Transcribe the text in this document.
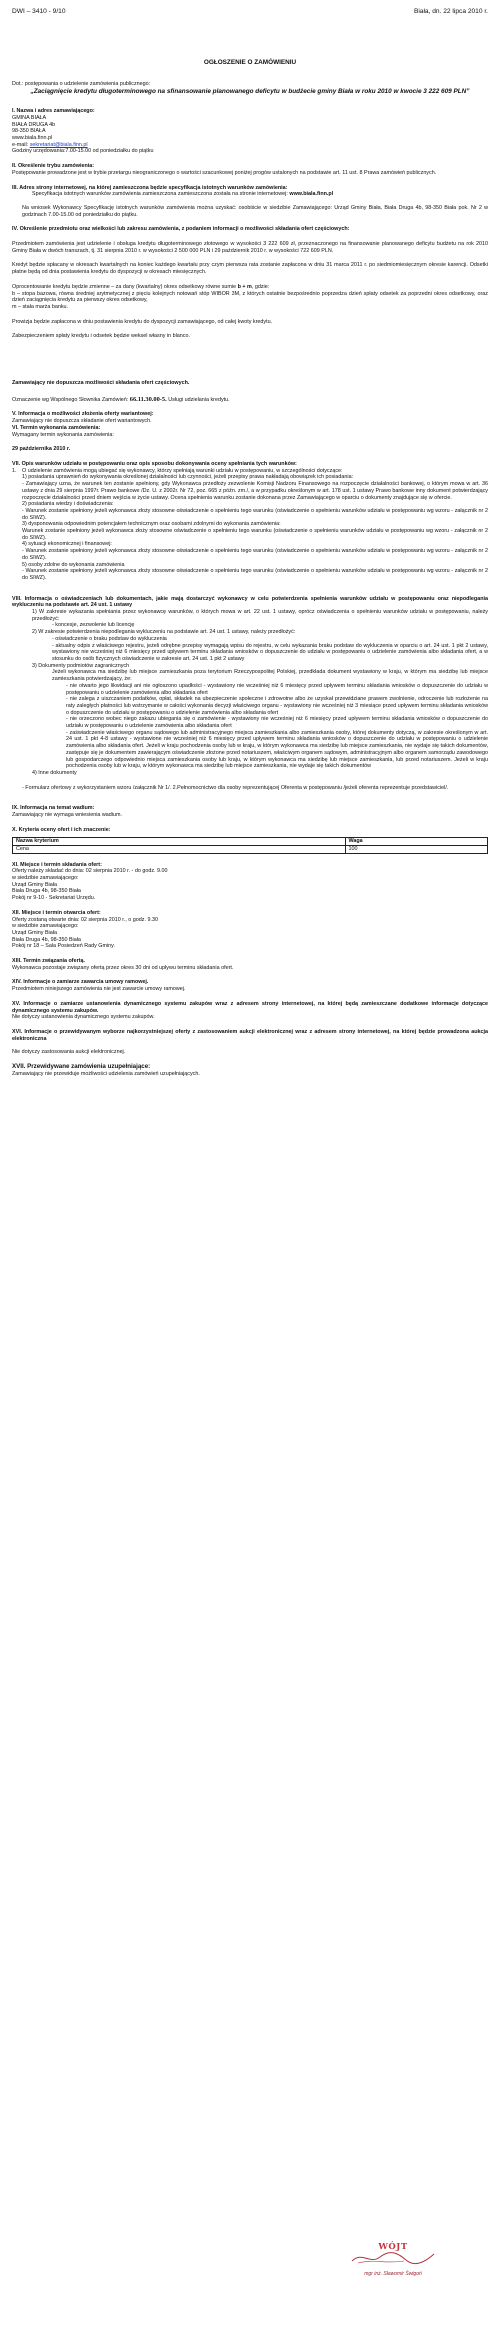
DWI – 3410 - 9/10	Biała, dn. 22 lipca 2010 r.
OGŁOSZENIE O ZAMÓWIENIU
Dot.: postępowania o udzielenie zamówienia publicznego:
„Zaciągnięcie kredytu długoterminowego na sfinansowanie planowanego deficytu w budżecie gminy Biała w roku 2010 w kwocie 3 222 609 PLN”
I. Nazwa i adres zamawiającego:
GMINA BIAŁA
BIAŁA DRUGA 4b
98-350 BIAŁA
www.biala.finn.pl
e-mail: sekretariat@biala.finn.pl
Godziny urzędowania:7.00-15.00 od poniedziałku do piątku
II. Określenie trybu zamówienia:
Postępowanie prowadzone jest w trybie przetargu nieograniczonego o wartości szacunkowej poniżej progów ustalonych na podstawie art. 11 ust. 8 Prawa zamówień publicznych.
III. Adres strony internetowej, na której zamieszczona będzie specyfikacja istotnych warunków zamówienia:
Specyfikacja istotnych warunków zamówienia zamieszczona zamieszczona została na stronie internetowej: www.biala.finn.pl
Na wniosek Wykonawcy Specyfikację istotnych warunków zamówienia można uzyskać: osobiście w siedzibie Zamawiającego: Urząd Gminy Biała, Biała Druga 4b, 98-350 Biała pok. Nr 2 w godzinach 7.00-15.00 od poniedziałku do piątku.
IV. Określenie przedmiotu oraz wielkości lub zakresu zamówienia, z podaniem informacji o możliwości składania ofert częściowych:
Przedmiotem zamówienia jest udzielenie i obsługa kredytu długoterminowego złotowego w wysokości 3 222 609 zł, przeznaczonego na finansowanie planowanego deficytu budżetu na rok 2010 Gminy Biała w dwóch transzach, tj. 31 sierpnia 2010 r. w wysokości 2 500 000 PLN i 29 październik 2010 r. w wysokości 722 609 PLN.
Kredyt będzie spłacany w okresach kwartalnych na koniec każdego kwartału przy czym pierwsza rata zostanie zapłacona w dniu 31 marca 2011 r. po siedmiomiesięcznym okresie karencji. Odsetki płatne będą od dnia postawienia kredytu do dyspozycji w okresach miesięcznych.
Oprocentowanie kredytu będzie zmienne – za dany (kwartalny) okres odsetkowy równe sumie b + m, gdzie:
b – stopa bazowa, równa średniej arytmetycznej z pięciu kolejnych notowań stóp WIBOR 3M, z których ostatnie bezpośrednio poprzedza dzień spłaty odsetek za poprzedni okres odsetkowy, oraz dzień zaciągnięcia kredytu za pierwszy okres odsetkowy,
m – stała marża banku.
Prowizja będzie zapłacona w dniu postawienia kredytu do dyspozycji zamawiającego, od całej kwoty kredytu.
Zabezpieczeniem spłaty kredytu i odsetek będzie weksel własny in blanco.
Zamawiający nie dopuszcza możliwości składania ofert częściowych.
Oznaczenie wg Wspólnego Słownika Zamówień: 66.11.30.00-5. Usługi udzielania kredytu.
V. Informacja o możliwości złożenia oferty wariantowej:
Zamawiający nie dopuszcza składanie ofert wariantowych.
VI. Termin wykonania zamówienia:
Wymagany termin wykonania zamówienia:
29 października 2010 r.
VII. Opis warunków udziału w postępowaniu oraz opis sposobu dokonywania oceny spełniania tych warunków:
1.	O udzielenie zamówienia mogą ubiegać się wykonawcy, którzy spełniają warunki udziału w postępowaniu, w szczególności dotyczące:
1) posiadania uprawnień do wykonywania określonej działalności lub czynności, jeżeli przepisy prawa nakładają obowiązek ich posiadania:
- Zamawiający uzna, że warunek ten zostanie spełniony, gdy Wykonawca przedłoży zezwolenie Komisji Nadzoru Finansowego na rozpoczęcie działalności bankowej, o którym mowa w art. 36 ustawy z dnia 29 sierpnia 1997r. Prawo bankowe /Dz. U. z 2002r. Nr 72, poz. 665 z późn. zm./, a w przypadku określonym w art. 178 ust. 1 ustawy Prawo bankowe inny dokument potwierdzający rozpoczęcie działalności przed dniem wejścia w życie ustawy. Ocena spełnienia warunku zostanie dokonana przez Zamawiającego w oparciu o dokumenty znajdujące się w ofercie.
2) posiadania wiedzy i doświadczenia:
- Warunek zostanie spełniony jeżeli wykonawca złoży stosowne oświadczenie o spełnieniu tego warunku (oświadczenie o spełnieniu warunków udziału w postępowaniu wg wzoru - załącznik nr 2 do SIWZ).
3) dysponowania odpowiednim potencjałem technicznym oraz osobami zdolnymi do wykonania zamówienia:
Warunek zostanie spełniony jeżeli wykonawca złoży stosowne oświadczenie o spełnieniu tego warunku (oświadczenie o spełnieniu warunków udziału w postępowaniu wg wzoru - załącznik nr 2 do SIWZ).
4) sytuacji ekonomicznej i finansowej:
- Warunek zostanie spełniony jeżeli wykonawca złoży stosowne oświadczenie o spełnieniu tego warunku (oświadczenie o spełnieniu warunków udziału w postępowaniu wg wzoru - załącznik nr 2 do SIWZ).
5) osoby zdolne do wykonania zamówienia
- Warunek zostanie spełniony jeżeli wykonawca złoży stosowne oświadczenie o spełnieniu tego warunku (oświadczenie o spełnieniu warunków udziału w postępowaniu wg wzoru - załącznik nr 2 do SIWZ).
VIII. Informacja o oświadczeniach lub dokumentach, jakie mają dostarczyć wykonawcy w celu potwierdzenia spełnienia warunków udziału w postępowaniu oraz niepodlegania wykluczeniu na podstawie art. 24 ust. 1 ustawy
1) W zakresie wykazania spełniania przez wykonawcę warunków, o których mowa w art. 22 ust. 1 ustawy, oprócz oświadczenia o spełnieniu warunków udziału w postępowaniu, należy przedłożyć:
- koncesje, zezwolenie lub licencję
2) W zakresie potwierdzenia niepodlegania wykluczeniu na podstawie art. 24 ust. 1 ustawy, należy przedłożyć:
- oświadczenie o braku podstaw do wykluczenia
- aktualny odpis z właściwego rejestru, jeżeli odrębne przepisy wymagają wpisu do rejestru, w celu wykazania braku podstaw do wykluczenia w oparciu o art. 24 ust. 1 pkt 2 ustawy, wystawiony nie wcześniej niż 6 miesięcy przed upływem terminu składania wniosków o dopuszczenie do udziału w postępowaniu o udzielenie zamówienia albo składania ofert, a w stosunku do osób fizycznych oświadczenie w zakresie art. 24 ust. 1 pkt 2 ustawy
3) Dokumenty podmiotów zagranicznych
Jeżeli wykonawca ma siedzibę lub miejsce zamieszkania poza terytorium Rzeczypospolitej Polskiej, przedkłada dokument wystawiony w kraju, w którym ma siedzibę lub miejsce zamieszkania potwierdzający, że:
- nie otwarto jego likwidacji ani nie ogłoszono upadłości - wystawiony nie wcześniej niż 6 miesięcy przed upływem terminu składania wniosków o dopuszczenie do udziału w postępowaniu o udzielenie zamówienia albo składania ofert
- nie zalega z uiszczaniem podatków, opłat, składek na ubezpieczenie społeczne i zdrowotne albo że uzyskał przewidziane prawem zwolnienie, odroczenie lub rozłożenie na raty zaległych płatności lub wstrzymanie w całości wykonania decyzji właściwego organu - wystawiony nie wcześniej niż 3 miesiące przed upływem terminu składania wniosków o dopuszczenie do udziału w postępowaniu o udzielenie zamówienia albo składania ofert
- nie orzeczono wobec niego zakazu ubiegania się o zamówienie - wystawiony nie wcześniej niż 6 miesięcy przed upływem terminu składania wniosków o dopuszczenie do udziału w postępowaniu o udzielenie zamówienia albo składania ofert
- zaświadczenie właściwego organu sądowego lub administracyjnego miejsca zamieszkania albo zamieszkania osoby, której dokumenty dotyczą, w zakresie określonym w art. 24 ust. 1 pkt 4-8 ustawy - wystawione nie wcześniej niż 6 miesięcy przed upływem terminu składania wniosków o dopuszczenie do udziału w postępowaniu o udzielenie zamówienia albo składania ofert. Jeżeli w kraju pochodzenia osoby lub w kraju, w którym wykonawca ma siedzibę lub miejsce zamieszkania, nie wydaje się takich dokumentów, zastępuje się je dokumentem zawierającym oświadczenie złożone przed notariuszem, właściwym organem sądowym, administracyjnym albo organem samorządu zawodowego lub gospodarczego odpowiednio miejsca zamieszkania osoby lub kraju, w którym wykonawca ma siedzibę lub miejsce zamieszkania, lub przed notariuszem. Jeżeli w kraju pochodzenia osoby lub w kraju, w którym wykonawca ma siedzibę lub miejsce zamieszkania, nie wydaje się takich dokumentów
4) Inne dokumenty
- Formularz ofertowy z wykorzystaniem wzoru /załącznik Nr 1/. 2.Pełnomocnictwo dla osoby reprezentującej Oferenta w postępowaniu /jeżeli oferenta reprezentuje przedstawiciel/.
IX. Informacja na temat wadium:
Zamawiający nie wymaga wniesienia wadium.
X. Kryteria oceny ofert i ich znaczenie:
Nazwa kryterium	Waga
Cena	100
XI. Miejsce i termin składania ofert:
Oferty należy składać do dnia: 02 sierpnia 2010 r. - do godz. 9.00
w siedzibie zamawiającego:
Urząd Gminy Biała
Biała Druga 4b, 98-350 Biała
Pokój nr 9-10 - Sekretariat Urzędu.
XII. Miejsce i termin otwarcia ofert:
Oferty zostaną otwarte dnia: 02 sierpnia 2010 r., o godz. 9.30
w siedzibie zamawiającego:
Urząd Gminy Biała
Biała Druga 4b, 98-350 Biała
Pokój nr 18 – Sala Posiedzeń Rady Gminy.
XIII. Termin związania ofertą.
Wykonawca pozostaje związany ofertą przez okres 30 dni od upływu terminu składania ofert.
XIV. Informacje o zamiarze zawarcia umowy ramowej.
Przedmiotem niniejszego zamówienia nie jest zawarcie umowy ramowej.
XV. Informacje o zamiarze ustanowienia dynamicznego systemu zakupów wraz z adresem strony internetowej, na której będą zamieszczane dodatkowe informacje dotyczące dynamicznego systemu zakupów.
Nie dotyczy ustanowienia dynamicznego systemu zakupów.
XVI. Informacje o przewidywanym wyborze najkorzystniejszej oferty z zastosowaniem aukcji elektronicznej wraz z adresem strony internetowej, na której będzie prowadzona aukcja elektroniczna
Nie dotyczy zastosowania aukcji elektronicznej.
XVII. Przewidywane zamówienia uzupełniające:
Zamawiający nie przewiduje możliwości udzielenia zamówień uzupełniających.
WÓJT
mgr inż. Sławomir Świgoń
